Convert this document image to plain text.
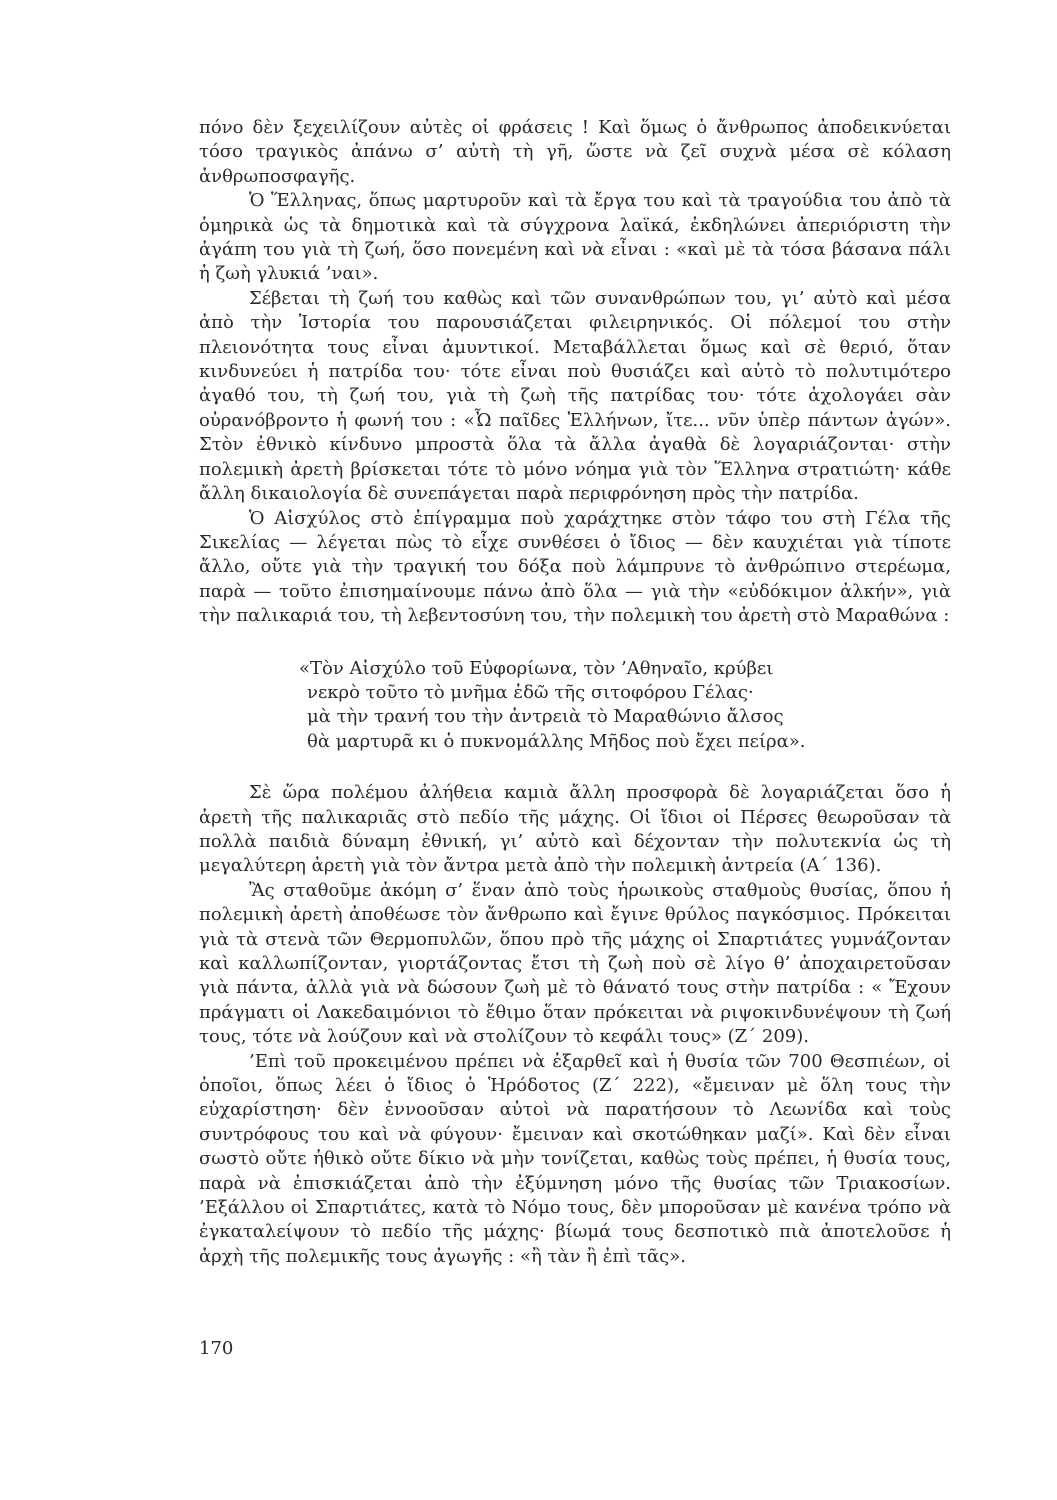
πόνο δὲν ξεχειλίζουν αὐτὲς οἱ φράσεις ! Καὶ ὅμως ὁ ἄνθρωπος ἀποδεικνύεται τόσο τραγικὸς ἀπάνω σ’ αὐτὴ τὴ γῆ, ὥστε νὰ ζεῖ συχνὰ μέσα σὲ κόλαση ἀνθρωποσφαγῆς.

Ὁ Ἕλληνας, ὅπως μαρτυροῦν καὶ τὰ ἔργα του καὶ τὰ τραγούδια του ἀπὸ τὰ ὁμηρικὰ ὡς τὰ δημοτικὰ καὶ τὰ σύγχρονα λαϊκά, ἐκδηλώνει ἀπεριόριστη τὴν ἀγάπη του γιὰ τὴ ζωή, ὅσο πονεμένη καὶ νὰ εἶναι : «καὶ μὲ τὰ τόσα βάσανα πάλι ἡ ζωὴ γλυκιά ’ναι».

Σέβεται τὴ ζωή του καθὼς καὶ τῶν συνανθρώπων του, γι’ αὐτὸ καὶ μέσα ἀπὸ τὴν Ἱστορία του παρουσιάζεται φιλειρηνικός. Οἱ πόλεμοί του στὴν πλειονότητα τους εἶναι ἀμυντικοί. Μεταβάλλεται ὅμως καὶ σὲ θεριό, ὅταν κινδυνεύει ἡ πατρίδα του· τότε εἶναι ποὺ θυσιάζει καὶ αὐτὸ τὸ πολυτιμότερο ἀγαθό του, τὴ ζωή του, γιὰ τὴ ζωὴ τῆς πατρίδας του· τότε ἀχολογάει σὰν οὐρανόβροντο ἡ φωνή του : «Ὦ παῖδες Ἑλλήνων, ἴτε... νῦν ὑπὲρ πάντων ἀγών». Στὸν ἐθνικὸ κίνδυνο μπροστὰ ὅλα τὰ ἄλλα ἀγαθὰ δὲ λογαριάζονται· στὴν πολεμικὴ ἀρετὴ βρίσκεται τότε τὸ μόνο νόημα γιὰ τὸν Ἕλληνα στρατιώτη· κάθε ἄλλη δικαιολογία δὲ συνεπάγεται παρὰ περιφρόνηση πρὸς τὴν πατρίδα.

Ὁ Αἰσχύλος στὸ ἐπίγραμμα ποὺ χαράχτηκε στὸν τάφο του στὴ Γέλα τῆς Σικελίας — λέγεται πὼς τὸ εἶχε συνθέσει ὁ ἴδιος — δὲν καυχιέται γιὰ τίποτε ἄλλο, οὔτε γιὰ τὴν τραγική του δόξα ποὺ λάμπρυνε τὸ ἀνθρώπινο στερέωμα, παρὰ — τοῦτο ἐπισημαίνουμε πάνω ἀπὸ ὅλα — γιὰ τὴν «εὐδόκιμον ἀλκήν», γιὰ τὴν παλικαριά του, τὴ λεβεντοσύνη του, τὴν πολεμικὴ του ἀρετὴ στὸ Μαραθώνα :

«Τὸν Αἰσχύλο τοῦ Εὐφορίωνα, τὸν ’Αθηναῖο, κρύβει
νεκρὸ τοῦτο τὸ μνῆμα ἐδῶ τῆς σιτοφόρου Γέλας·
μὰ τὴν τρανή του τὴν ἀντρειὰ τὸ Μαραθώνιο ἄλσος
θὰ μαρτυρᾶ κι ὁ πυκνομάλλης Μῆδος ποὺ ἔχει πείρα».

Σὲ ὥρα πολέμου ἀλήθεια καμιὰ ἄλλη προσφορὰ δὲ λογαριάζεται ὅσο ἡ ἀρετὴ τῆς παλικαριᾶς στὸ πεδίο τῆς μάχης. Οἱ ἴδιοι οἱ Πέρσες θεωροῦσαν τὰ πολλὰ παιδιὰ δύναμη ἐθνική, γι’ αὐτὸ καὶ δέχονταν τὴν πολυτεκνία ὡς τὴ μεγαλύτερη ἀρετὴ γιὰ τὸν ἄντρα μετὰ ἀπὸ τὴν πολεμικὴ ἀντρεία (Α΄ 136).

Ἂς σταθοῦμε ἀκόμη σ’ ἕναν ἀπὸ τοὺς ἡρωικοὺς σταθμοὺς θυσίας, ὅπου ἡ πολεμικὴ ἀρετὴ ἀποθέωσε τὸν ἄνθρωπο καὶ ἔγινε θρύλος παγκόσμιος. Πρόκειται γιὰ τὰ στενὰ τῶν Θερμοπυλῶν, ὅπου πρὸ τῆς μάχης οἱ Σπαρτιάτες γυμνάζονταν καὶ καλλωπίζονταν, γιορτάζοντας ἔτσι τὴ ζωὴ ποὺ σὲ λίγο θ’ ἀποχαιρετοῦσαν γιὰ πάντα, ἀλλὰ γιὰ νὰ δώσουν ζωὴ μὲ τὸ θάνατό τους στὴν πατρίδα : « Ἔχουν πράγματι οἱ Λακεδαιμόνιοι τὸ ἔθιμο ὅταν πρόκειται νὰ ριψοκινδυνέψουν τὴ ζωή τους, τότε νὰ λούζουν καὶ νὰ στολίζουν τὸ κεφάλι τους» (Ζ΄ 209).

’Επὶ τοῦ προκειμένου πρέπει νὰ ἐξαρθεῖ καὶ ἡ θυσία τῶν 700 Θεσπιέων, οἱ ὁποῖοι, ὅπως λέει ὁ ἴδιος ὁ Ἡρόδοτος (Ζ΄ 222), «ἔμειναν μὲ ὅλη τους τὴν εὐχαρίστηση· δὲν ἐννοοῦσαν αὐτοὶ νὰ παρατήσουν τὸ Λεωνίδα καὶ τοὺς συντρόφους του καὶ νὰ φύγουν· ἔμειναν καὶ σκοτώθηκαν μαζί». Καὶ δὲν εἶναι σωστὸ οὔτε ἠθικὸ οὔτε δίκιο νὰ μὴν τονίζεται, καθὼς τοὺς πρέπει, ἡ θυσία τους, παρὰ νὰ ἐπισκιάζεται ἀπὸ τὴν ἐξύμνηση μόνο τῆς θυσίας τῶν Τριακοσίων. ’Εξάλλου οἱ Σπαρτιάτες, κατὰ τὸ Νόμο τους, δὲν μποροῦσαν μὲ κανένα τρόπο νὰ ἐγκαταλείψουν τὸ πεδίο τῆς μάχης· βίωμά τους δεσποτικὸ πιὰ ἀποτελοῦσε ἡ ἀρχὴ τῆς πολεμικῆς τους ἀγωγῆς : «ἢ τὰν ἢ ἐπὶ τᾶς».

170
